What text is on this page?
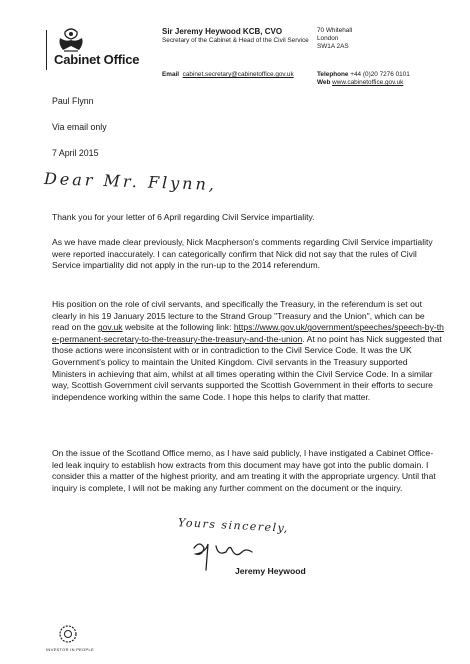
Cabinet Office
Sir Jeremy Heywood KCB, CVO
Secretary of the Cabinet & Head of the Civil Service
Email cabinet.secretary@cabinetoffice.gov.uk
70 Whitehall
London
SW1A 2AS
Telephone +44 (0)20 7276 0101
Web www.cabinetoffice.gov.uk
Paul Flynn
Via email only
7 April 2015
Dear Mr. Flynn,

Thank you for your letter of 6 April regarding Civil Service impartiality.

As we have made clear previously, Nick Macpherson's comments regarding Civil Service impartiality were reported inaccurately. I can categorically confirm that Nick did not say that the rules of Civil Service impartiality did not apply in the run-up to the 2014 referendum.

His position on the role of civil servants, and specifically the Treasury, in the referendum is set out clearly in his 19 January 2015 lecture to the Strand Group "Treasury and the Union", which can be read on the gov.uk website at the following link: https://www.gov.uk/government/speeches/speech-by-the-permanent-secretary-to-the-treasury-the-treasury-and-the-union. At no point has Nick suggested that those actions were inconsistent with or in contradiction to the Civil Service Code. It was the UK Government's policy to maintain the United Kingdom. Civil servants in the Treasury supported Ministers in achieving that aim, whilst at all times operating within the Civil Service Code. In a similar way, Scottish Government civil servants supported the Scottish Government in their efforts to secure independence working within the same Code. I hope this helps to clarify that matter.

On the issue of the Scotland Office memo, as I have said publicly, I have instigated a Cabinet Office-led leak inquiry to establish how extracts from this document may have got into the public domain. I consider this a matter of the highest priority, and am treating it with the appropriate urgency. Until that inquiry is complete, I will not be making any further comment on the document or the inquiry.

Yours sincerely,
Jeremy Heywood
INVESTOR IN PEOPLE
